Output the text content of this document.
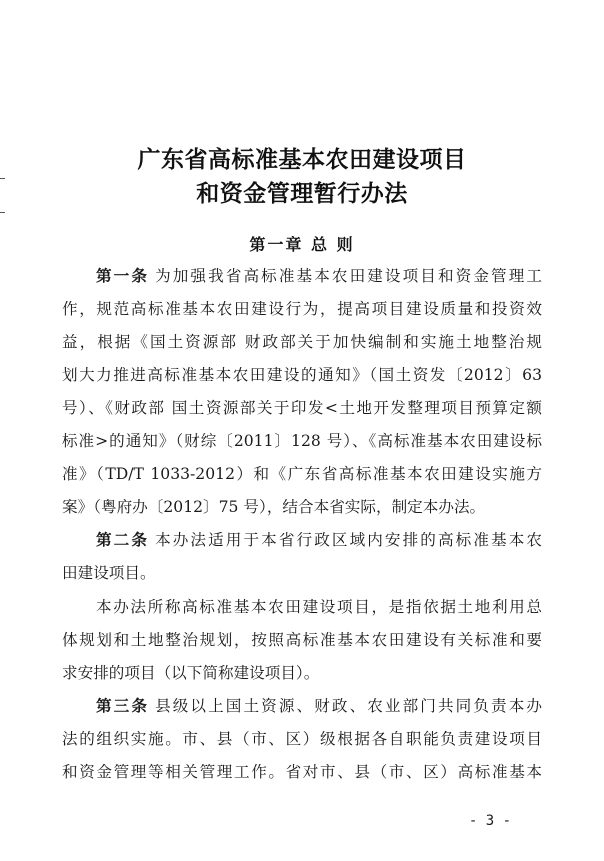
广东省高标准基本农田建设项目
和资金管理暂行办法
第一章 总 则
第一条 为加强我省高标准基本农田建设项目和资金管理工
作，规范高标准基本农田建设行为，提高项目建设质量和投资效
益，根据《国土资源部 财政部关于加快编制和实施土地整治规
划大力推进高标准基本农田建设的通知》（国土资发〔2012〕63
号）、《财政部 国土资源部关于印发<土地开发整理项目预算定额
标准>的通知》（财综〔2011〕128 号）、《高标准基本农田建设标
准》（TD/T 1033-2012）和《广东省高标准基本农田建设实施方
案》（粤府办〔2012〕75 号），结合本省实际，制定本办法。
第二条 本办法适用于本省行政区域内安排的高标准基本农
田建设项目。
本办法所称高标准基本农田建设项目，是指依据土地利用总
体规划和土地整治规划，按照高标准基本农田建设有关标准和要
求安排的项目（以下简称建设项目）。
第三条 县级以上国土资源、财政、农业部门共同负责本办
法的组织实施。市、县（市、区）级根据各自职能负责建设项目
和资金管理等相关管理工作。省对市、县（市、区）高标准基本
- 3 -
